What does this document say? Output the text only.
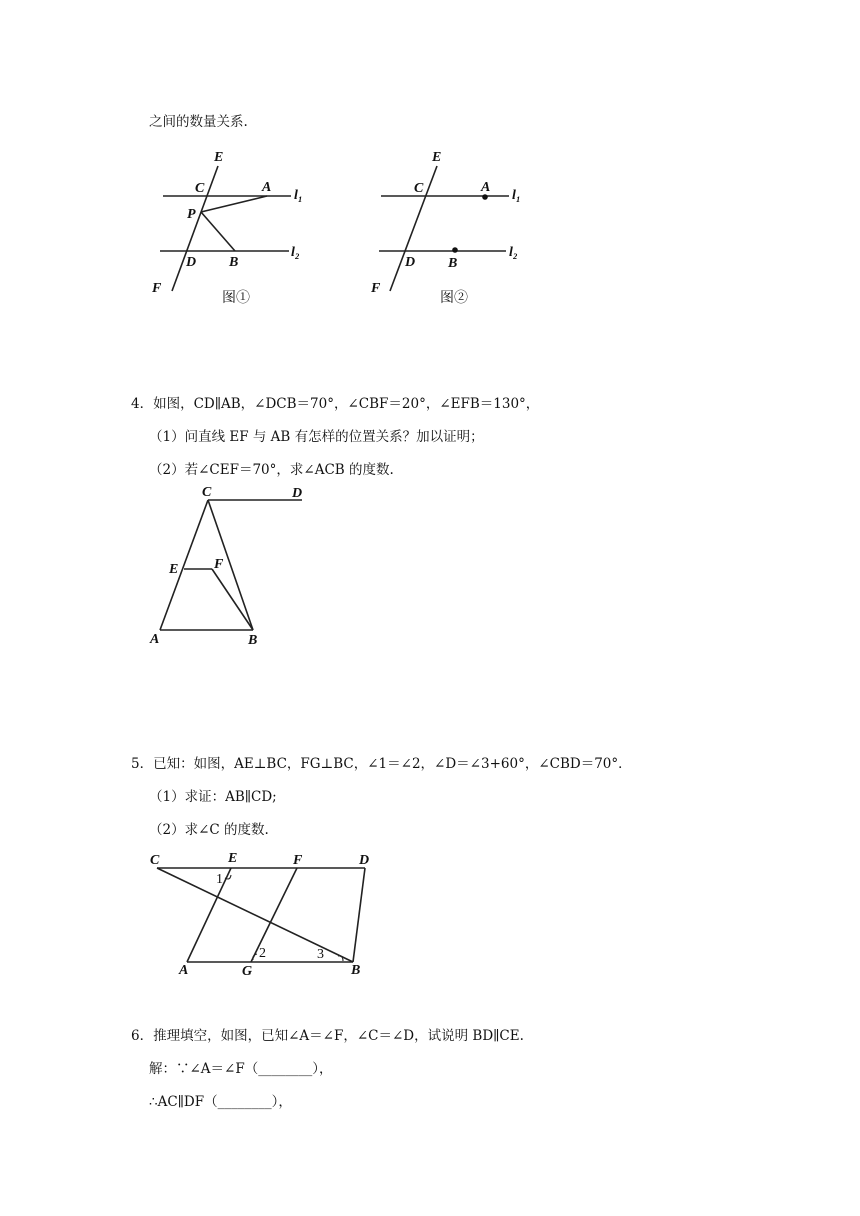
之间的数量关系.
E
C	A
l₁
P
l₂
D B
F
图①
E
C	A
l₁
l₂
D B
F
图②
4．如图，CD∥AB，∠DCB＝70°，∠CBF＝20°，∠EFB＝130°，
（1）问直线 EF 与 AB 有怎样的位置关系？加以证明；
（2）若∠CEF＝70°，求∠ACB 的度数.
C	D
E	F
A	B
5．已知：如图，AE⊥BC，FG⊥BC，∠1＝∠2，∠D＝∠3+60°，∠CBD＝70°．
（1）求证：AB∥CD;
（2）求∠C 的度数.
C	E	F	D
1
2	3
A	G	B
6．推理填空，如图，已知∠A＝∠F，∠C＝∠D，试说明 BD∥CE.
解：∵∠A＝∠F（________），
∴AC∥DF（________），
